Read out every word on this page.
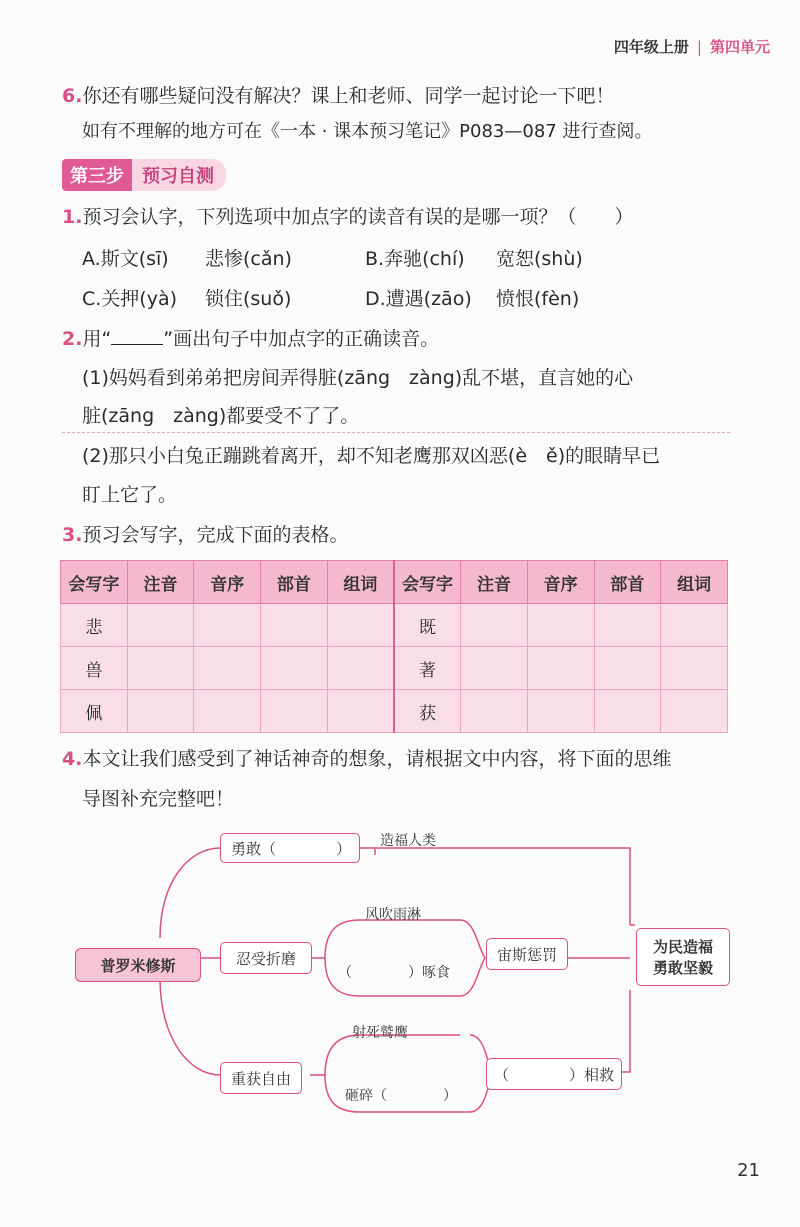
四年级上册 | 第四单元
6.你还有哪些疑问没有解决？课上和老师、同学一起讨论一下吧！
如有不理解的地方可在《一本 · 课本预习笔记》P083—087 进行查阅。
第三步	预习自测
1.预习会认字，下列选项中加点字的读音有误的是哪一项？（　　）
A.斯文(sī) 悲惨(cǎn)	B.奔驰(chí) 宽恕(shù)
C.关押(yà) 锁住(suǒ)	D.遭遇(zāo) 愤恨(fèn)
2.用“	”画出句子中加点字的正确读音。
(1)妈妈看到弟弟把房间弄得脏(zāng　zàng)乱不堪，直言她的心
脏(zāng　zàng)都要受不了了。
(2)那只小白兔正蹦跳着离开，却不知老鹰那双凶恶(è　ě)的眼睛早已
盯上它了。
3.预习会写字，完成下面的表格。
会写字	注音	音序	部首	组词	会写字	注音	音序	部首	组词
悲					既				
兽					著				
佩					获				
4.本文让我们感受到了神话神奇的想象，请根据文中内容，将下面的思维
导图补充完整吧！
普罗米修斯
勇敢（　　　　）	造福人类
忍受折磨
风吹雨淋
（　　　　）啄食
宙斯惩罚
重获自由
射死鹫鹰
砸碎（　　　　）
（　　　　）相救
为民造福
勇敢坚毅
21
